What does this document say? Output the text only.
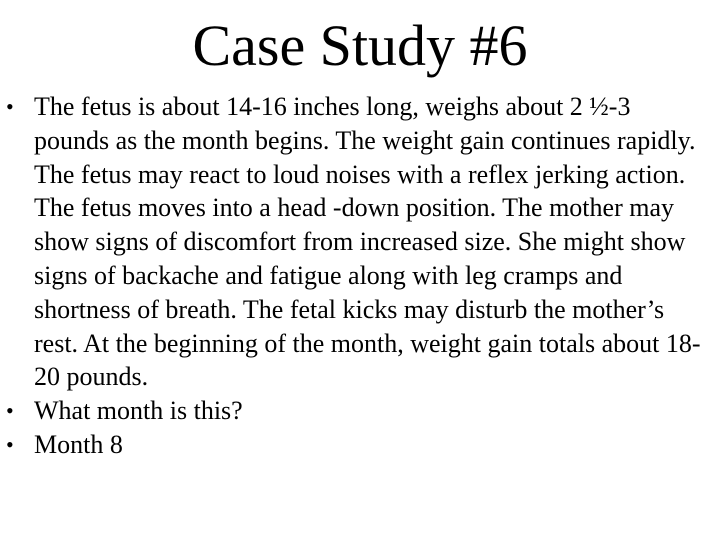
Case Study #6
• The fetus is about 14-16 inches long, weighs about 2 ½-3 pounds as the month begins. The weight gain continues rapidly. The fetus may react to loud noises with a reflex jerking action. The fetus moves into a head -down position. The mother may show signs of discomfort from increased size. She might show signs of backache and fatigue along with leg cramps and shortness of breath. The fetal kicks may disturb the mother’s rest. At the beginning of the month, weight gain totals about 18-20 pounds.
• What month is this?
• Month 8
